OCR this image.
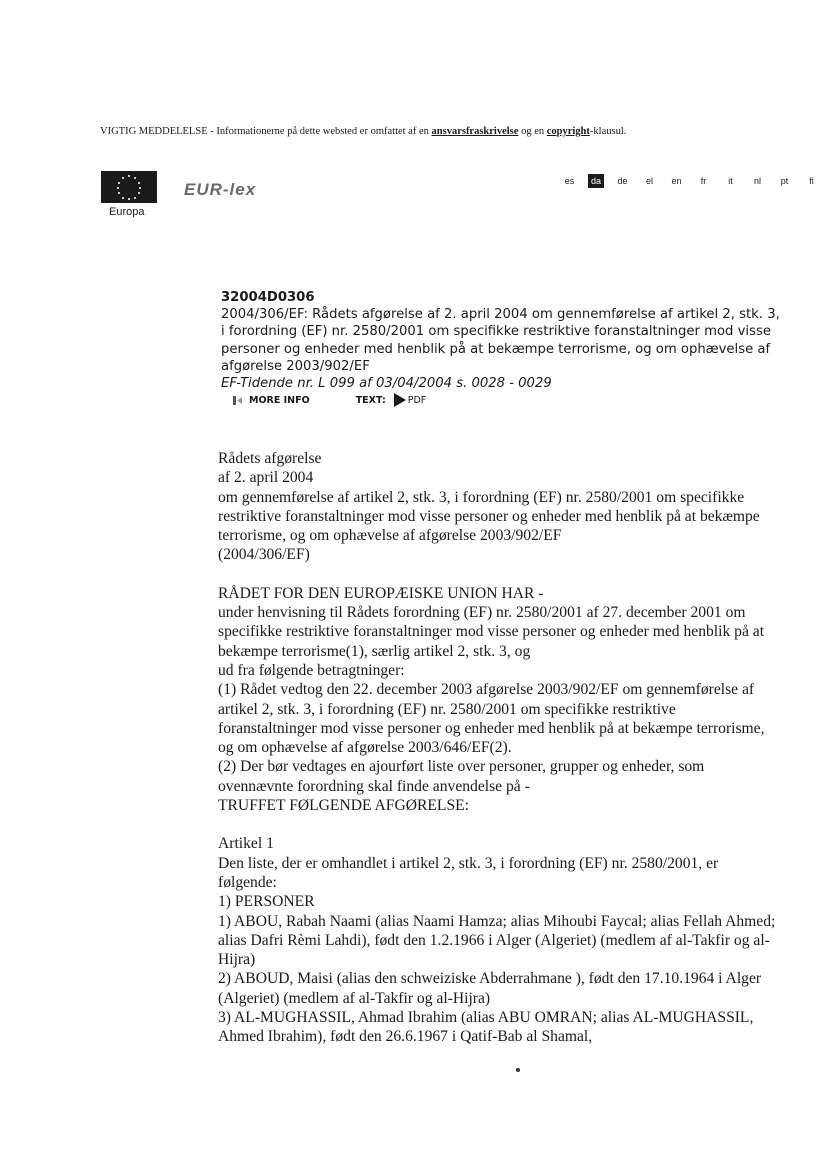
VIGTIG MEDDELELSE - Informationerne på dette websted er omfattet af en ansvarsfraskrivelse og en copyright-klausul.
Europa
EUR-lex	es	da	de	el	en	fr	it	nl	pt	fi
32004D0306
2004/306/EF: Rådets afgørelse af 2. april 2004 om gennemførelse af artikel 2, stk. 3, i forordning (EF) nr. 2580/2001 om specifikke restriktive foranstaltninger mod visse personer og enheder med henblik på at bekæmpe terrorisme, og om ophævelse af afgørelse 2003/902/EF
EF-Tidende nr. L 099 af 03/04/2004 s. 0028 - 0029
MORE INFO	TEXT: PDF

Rådets afgørelse

af 2. april 2004

om gennemførelse af artikel 2, stk. 3, i forordning (EF) nr. 2580/2001 om specifikke restriktive foranstaltninger mod visse personer og enheder med henblik på at bekæmpe terrorisme, og om ophævelse af afgørelse 2003/902/EF

(2004/306/EF)

RÅDET FOR DEN EUROPÆISKE UNION HAR -

under henvisning til Rådets forordning (EF) nr. 2580/2001 af 27. december 2001 om specifikke restriktive foranstaltninger mod visse personer og enheder med henblik på at bekæmpe terrorisme(1), særlig artikel 2, stk. 3, og

ud fra følgende betragtninger:

(1) Rådet vedtog den 22. december 2003 afgørelse 2003/902/EF om gennemførelse af artikel 2, stk. 3, i forordning (EF) nr. 2580/2001 om specifikke restriktive foranstaltninger mod visse personer og enheder med henblik på at bekæmpe terrorisme, og om ophævelse af afgørelse 2003/646/EF(2).

(2) Der bør vedtages en ajourført liste over personer, grupper og enheder, som ovennævnte forordning skal finde anvendelse på -

TRUFFET FØLGENDE AFGØRELSE:

Artikel 1

Den liste, der er omhandlet i artikel 2, stk. 3, i forordning (EF) nr. 2580/2001, er følgende:

1) PERSONER

1) ABOU, Rabah Naami (alias Naami Hamza; alias Mihoubi Faycal; alias Fellah Ahmed; alias Dafri Rèmi Lahdi), født den 1.2.1966 i Alger (Algeriet) (medlem af al-Takfir og al-Hijra)

2) ABOUD, Maisi (alias den schweiziske Abderrahmane ), født den 17.10.1964 i Alger (Algeriet) (medlem af al-Takfir og al-Hijra)

3) AL-MUGHASSIL, Ahmad Ibrahim (alias ABU OMRAN; alias AL-MUGHASSIL, Ahmed Ibrahim), født den 26.6.1967 i Qatif-Bab al Shamal,
